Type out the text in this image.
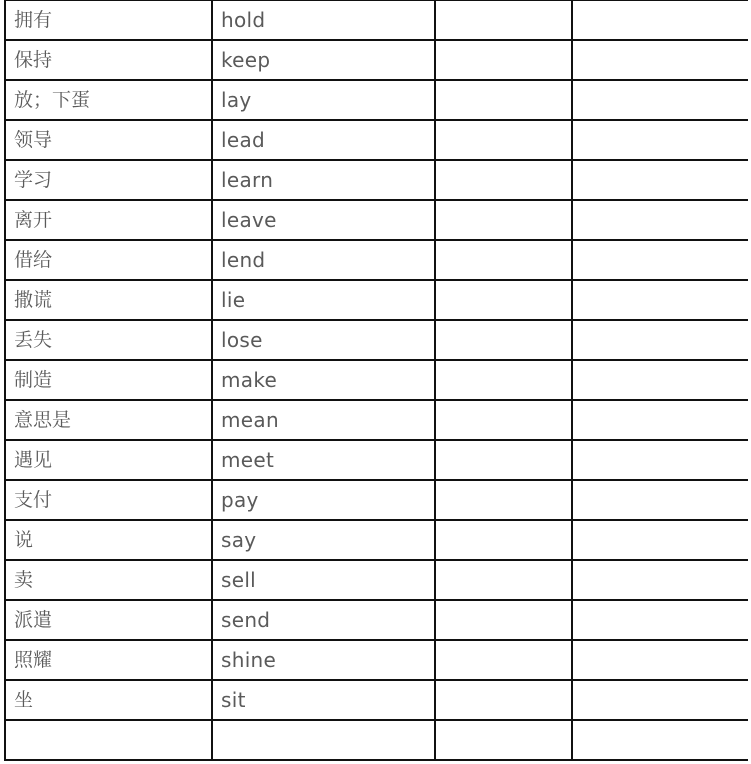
拥有	hold		
保持	keep		
放；下蛋	lay		
领导	lead		
学习	learn		
离开	leave		
借给	lend		
撒谎	lie		
丢失	lose		
制造	make		
意思是	mean		
遇见	meet		
支付	pay		
说	say		
卖	sell		
派遣	send		
照耀	shine		
坐	sit		
